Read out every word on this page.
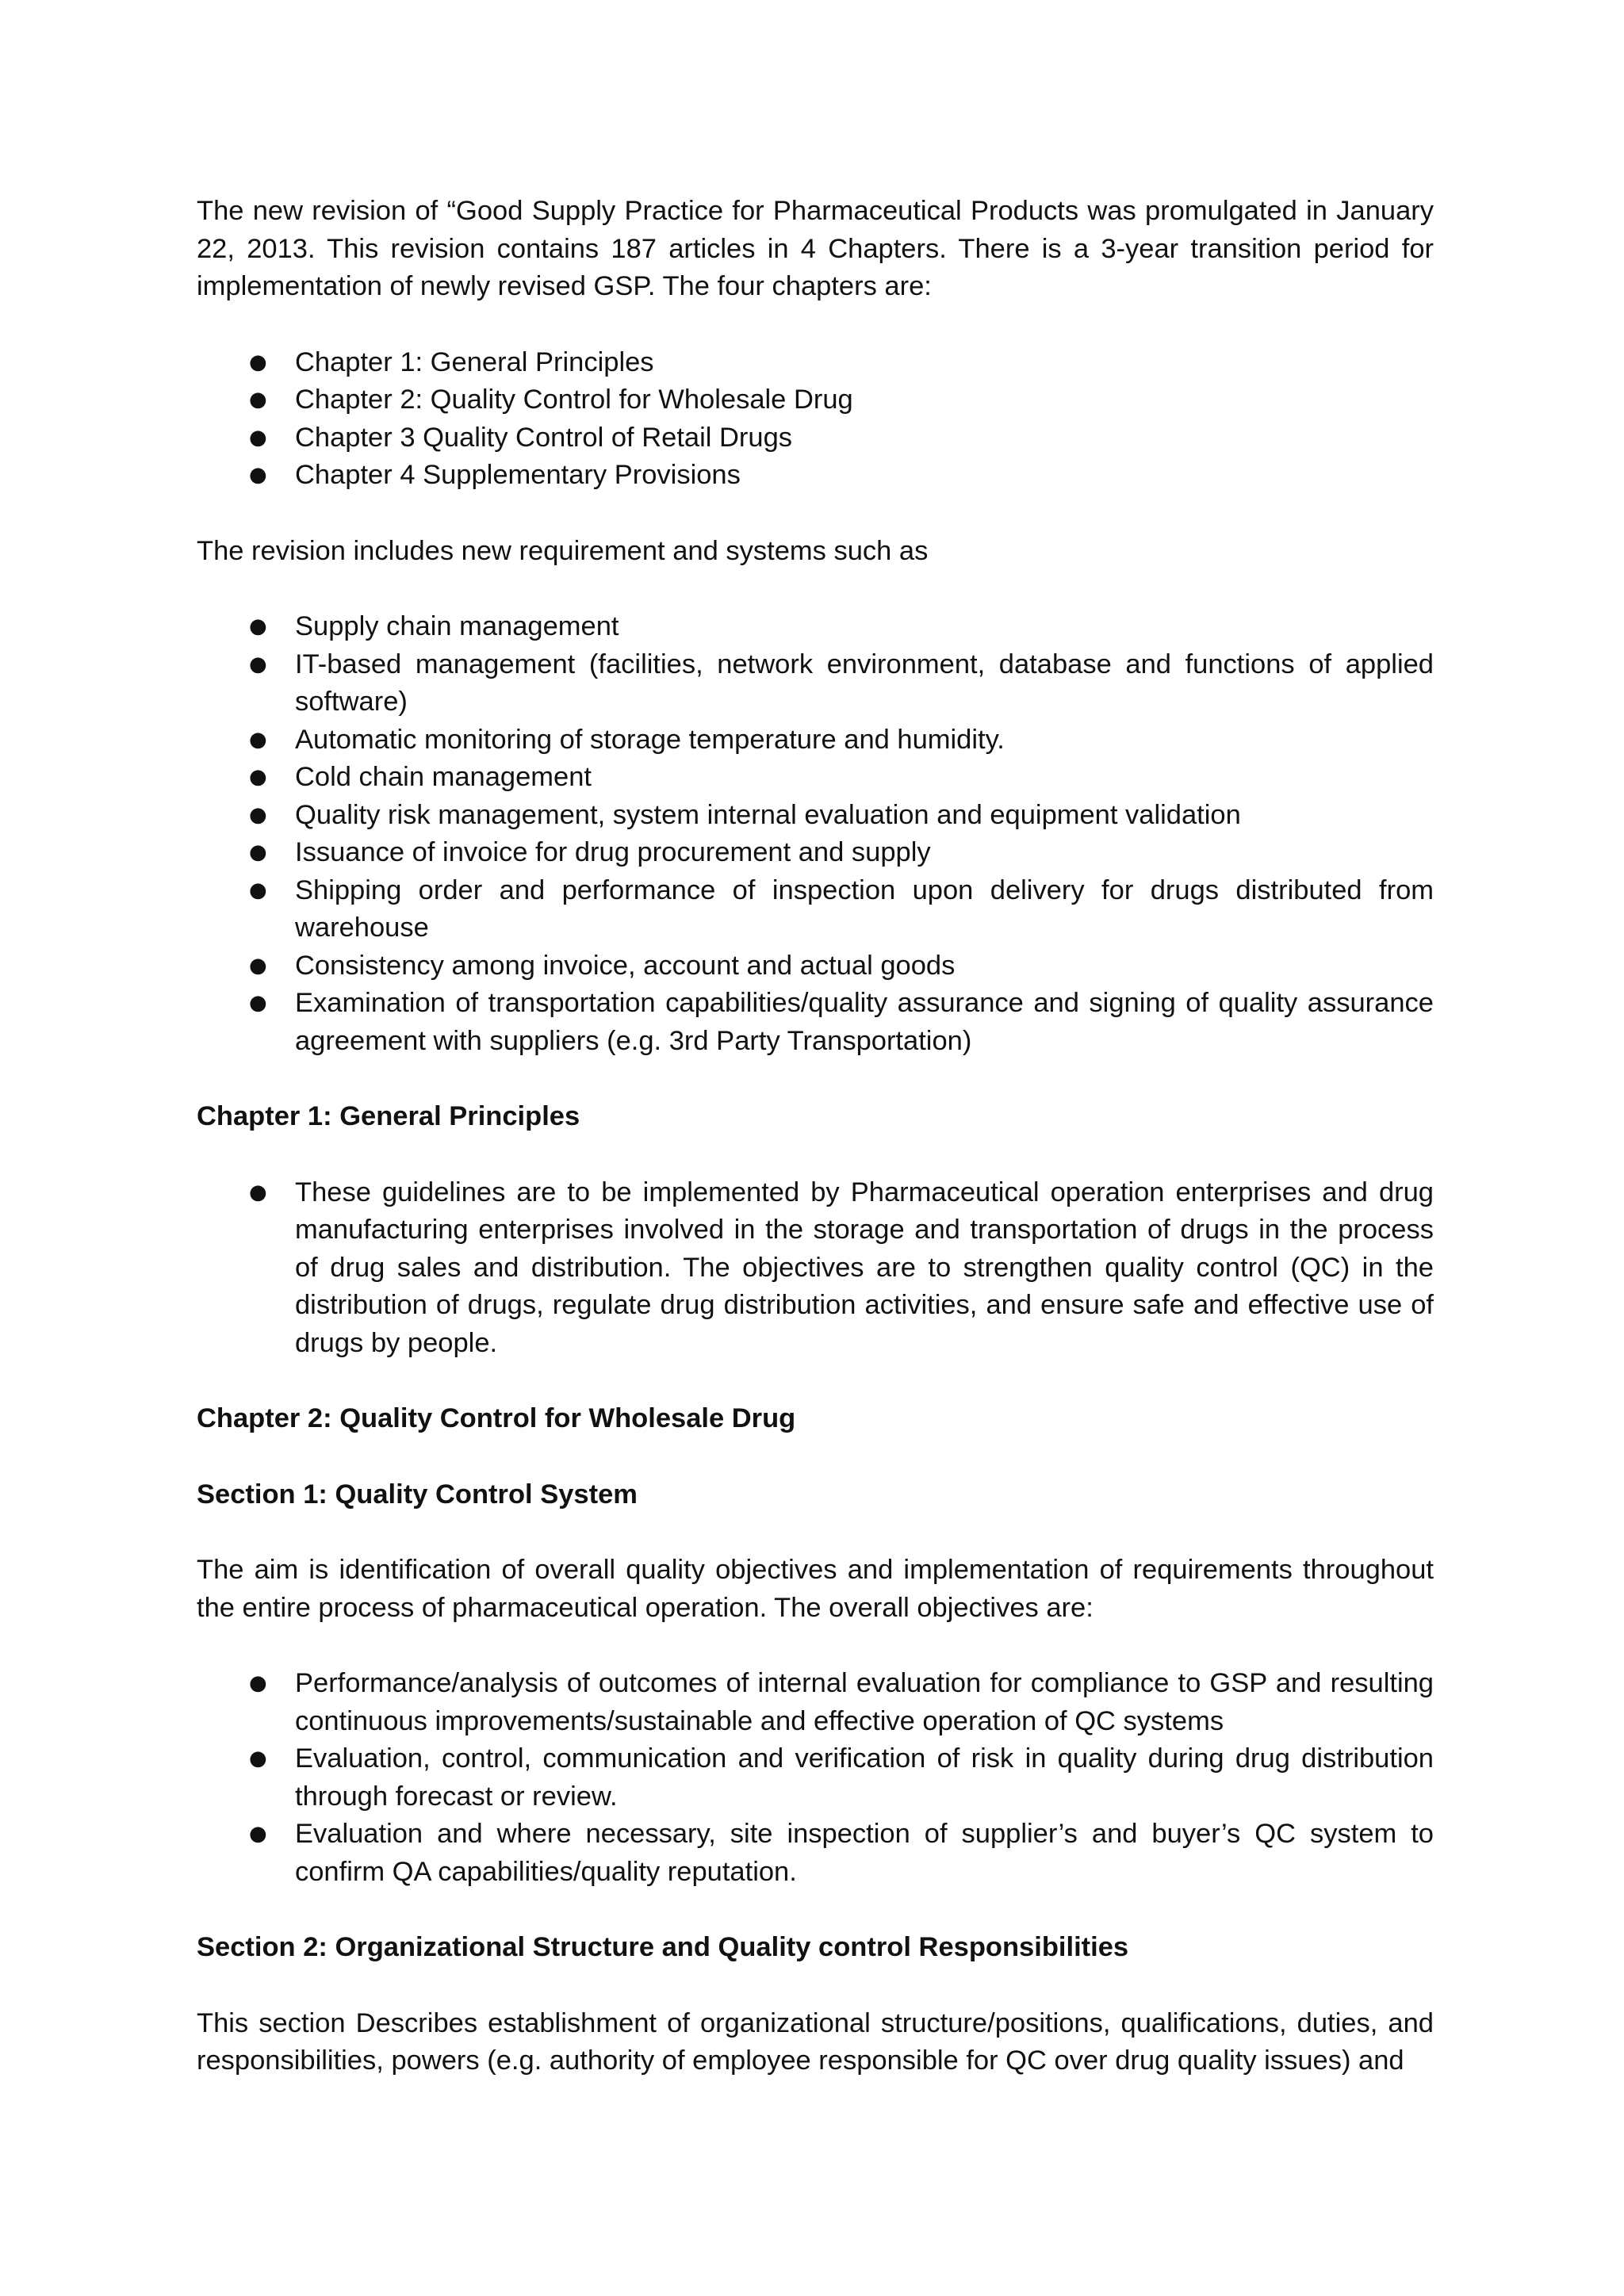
The new revision of “Good Supply Practice for Pharmaceutical Products was promulgated in January 22, 2013. This revision contains 187 articles in 4 Chapters. There is a 3-year transition period for implementation of newly revised GSP. The four chapters are:

● Chapter 1: General Principles
● Chapter 2: Quality Control for Wholesale Drug
● Chapter 3 Quality Control of Retail Drugs
● Chapter 4 Supplementary Provisions

The revision includes new requirement and systems such as

● Supply chain management
● IT-based management (facilities, network environment, database and functions of applied software)
● Automatic monitoring of storage temperature and humidity.
● Cold chain management
● Quality risk management, system internal evaluation and equipment validation
● Issuance of invoice for drug procurement and supply
● Shipping order and performance of inspection upon delivery for drugs distributed from warehouse
● Consistency among invoice, account and actual goods
● Examination of transportation capabilities/quality assurance and signing of quality assurance agreement with suppliers (e.g. 3rd Party Transportation)

Chapter 1: General Principles

● These guidelines are to be implemented by Pharmaceutical operation enterprises and drug manufacturing enterprises involved in the storage and transportation of drugs in the process of drug sales and distribution. The objectives are to strengthen quality control (QC) in the distribution of drugs, regulate drug distribution activities, and ensure safe and effective use of drugs by people.

Chapter 2: Quality Control for Wholesale Drug

Section 1: Quality Control System

The aim is identification of overall quality objectives and implementation of requirements throughout the entire process of pharmaceutical operation. The overall objectives are:

● Performance/analysis of outcomes of internal evaluation for compliance to GSP and resulting continuous improvements/sustainable and effective operation of QC systems
● Evaluation, control, communication and verification of risk in quality during drug distribution through forecast or review.
● Evaluation and where necessary, site inspection of supplier’s and buyer’s QC system to confirm QA capabilities/quality reputation.

Section 2: Organizational Structure and Quality control Responsibilities

This section Describes establishment of organizational structure/positions, qualifications, duties, and responsibilities, powers (e.g. authority of employee responsible for QC over drug quality issues) and
